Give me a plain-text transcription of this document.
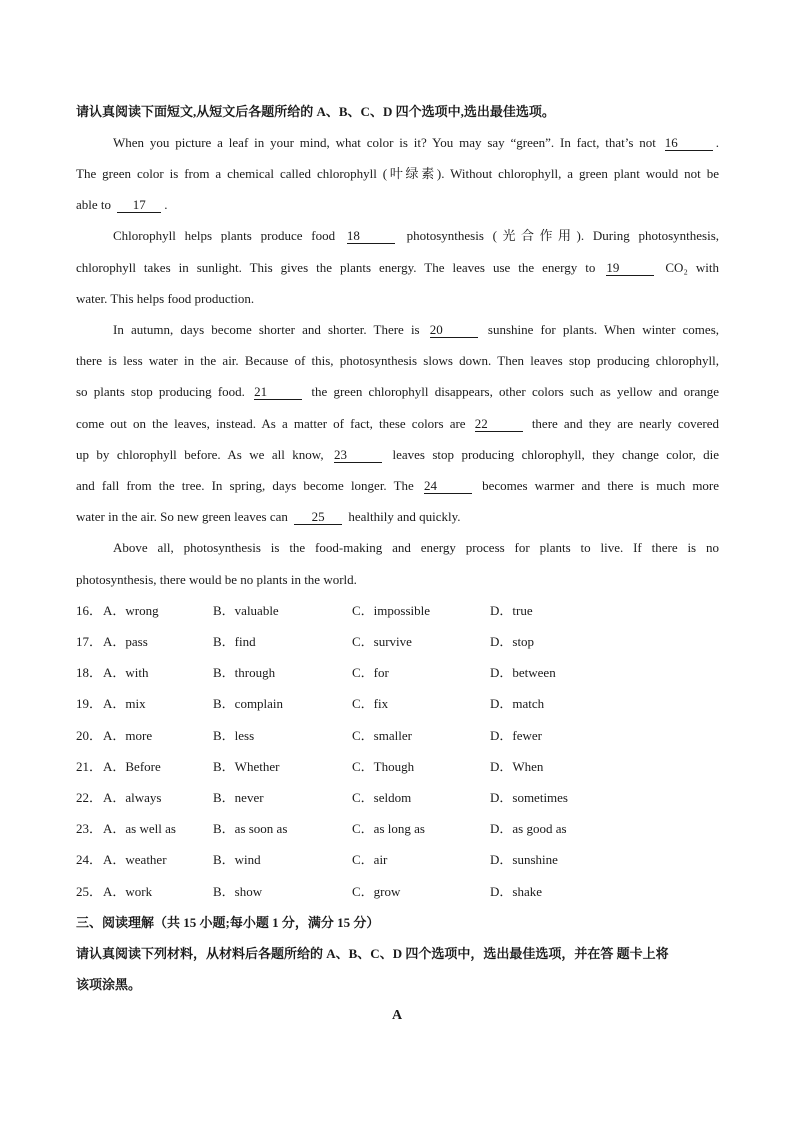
请认真阅读下面短文,从短文后各题所给的 A、B、C、D 四个选项中,选出最佳选项。
When you picture a leaf in your mind, what color is it? You may say “green”. In fact, that’s not 16	.
The green color is from a chemical called chlorophyll (叶绿素). Without chlorophyll, a green plant would not be
able to 17 .
Chlorophyll helps plants produce food 18	photosynthesis (光合作用). During photosynthesis,
chlorophyll takes in sunlight. This gives the plants energy. The leaves use the energy to 19	CO₂ with
water. This helps food production.
In autumn, days become shorter and shorter. There is 20	sunshine for plants. When winter comes,
there is less water in the air. Because of this, photosynthesis slows down. Then leaves stop producing chlorophyll,
so plants stop producing food. 21	the green chlorophyll disappears, other colors such as yellow and orange
come out on the leaves, instead. As a matter of fact, these colors are 22	there and they are nearly covered
up by chlorophyll before. As we all know, 23	leaves stop producing chlorophyll, they change color, die
and fall from the tree. In spring, days become longer. The 24	becomes warmer and there is much more
water in the air. So new green leaves can 25 healthily and quickly.
Above all, photosynthesis is the food-making and energy process for plants to live. If there is no
photosynthesis, there would be no plants in the world.
16． A．wrong	B．valuable	C．impossible	D．true
17． A．pass	B．find	C．survive	D．stop
18． A．with	B．through	C．for	D．between
19． A．mix	B．complain	C．fix	D．match
20． A．more	B．less	C．smaller	D．fewer
21． A．Before	B．Whether	C．Though	D．When
22． A．always	B．never	C．seldom	D．sometimes
23． A．as well as	B．as soon as	C．as long as	D．as good as
24． A．weather	B．wind	C．air	D．sunshine
25． A．work	B．show	C．grow	D．shake
三、阅读理解（共 15 小题;每小题 1 分，满分 15 分）
请认真阅读下列材料，从材料后各题所给的 A、B、C、D 四个选项中，选出最佳选项，并在答 题卡上将
该项涂黑。
A
